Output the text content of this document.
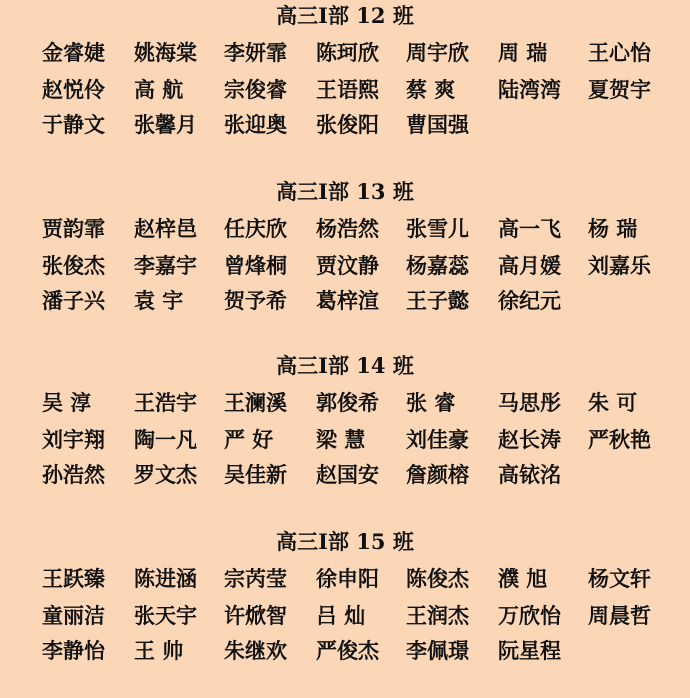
高三Ⅰ部 12 班
金睿婕	姚海棠	李妍霏	陈珂欣	周宇欣	周 瑞	王心怡
赵悦伶	高 航	宗俊睿	王语熙	蔡 爽	陆湾湾	夏贺宇
于静文	张馨月	张迎奥	张俊阳	曹国强
高三Ⅰ部 13 班
贾韵霏	赵梓邑	任庆欣	杨浩然	张雪儿	高一飞	杨 瑞
张俊杰	李嘉宇	曾烽桐	贾汶静	杨嘉蕊	高月媛	刘嘉乐
潘子兴	袁 宇	贺予希	葛梓渲	王子懿	徐纪元
高三Ⅰ部 14 班
吴 淳	王浩宇	王澜溪	郭俊希	张 睿	马思彤	朱 可
刘宇翔	陶一凡	严 好	梁 慧	刘佳豪	赵长涛	严秋艳
孙浩然	罗文杰	吴佳新	赵国安	詹颜榕	高铱洺
高三Ⅰ部 15 班
王跃臻	陈进涵	宗芮莹	徐申阳	陈俊杰	濮 旭	杨文轩
童丽洁	张天宇	许焮智	吕 灿	王润杰	万欣怡	周晨哲
李静怡	王 帅	朱继欢	严俊杰	李佩璟	阮星程
